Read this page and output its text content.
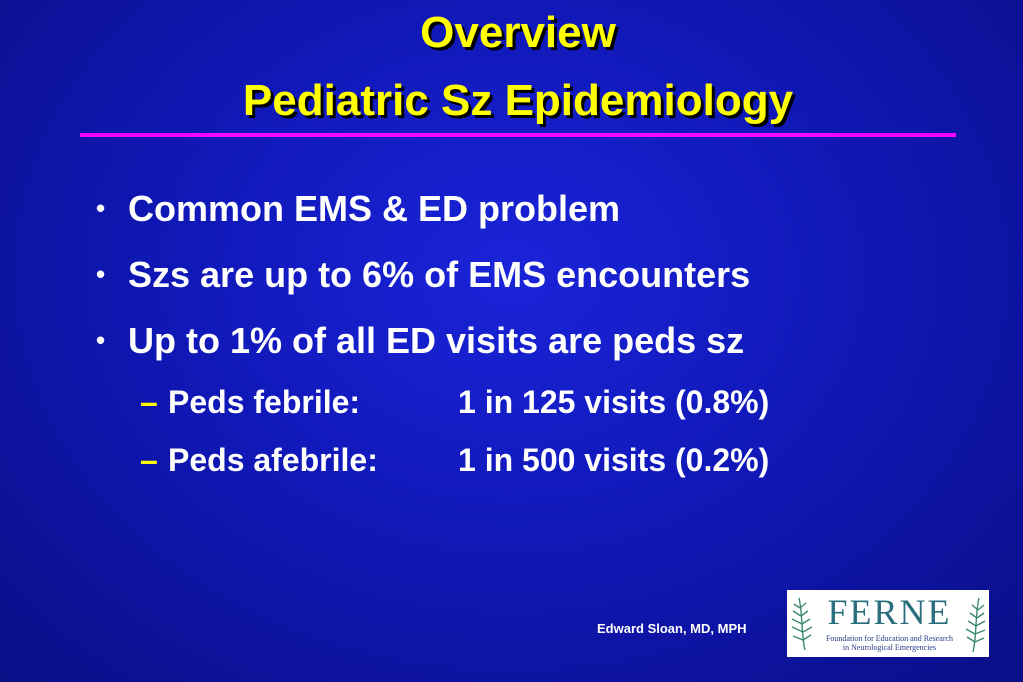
Overview
Pediatric Sz Epidemiology
• Common EMS & ED problem
• Szs are up to 6% of EMS encounters
• Up to 1% of all ED visits are peds sz
– Peds febrile:	1 in 125 visits (0.8%)
– Peds afebrile:	1 in 500 visits (0.2%)
Edward Sloan, MD, MPH FERNE
Foundation for Education and Research
in Neurological Emergencies
